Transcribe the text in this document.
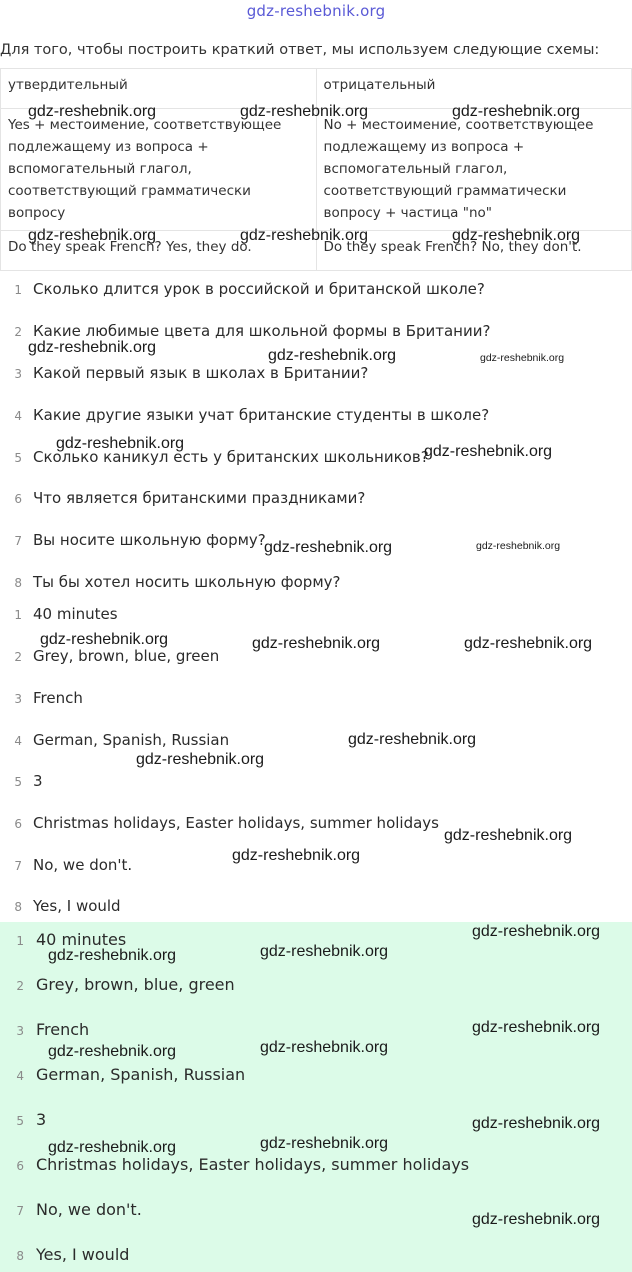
gdz-reshebnik.org
Для того, чтобы построить краткий ответ, мы используем следующие схемы:
утвердительный	отрицательный
Yes + местоимение, соответствующее подлежащему из вопроса + вспомогательный глагол, соответствующий грамматически вопросу	No + местоимение, соответствующее подлежащему из вопроса + вспомогательный глагол, соответствующий грамматически вопросу + частица "no"
Do they speak French? Yes, they do.	Do they speak French? No, they don't.
1 Сколько длится урок в российской и британской школе?
2 Какие любимые цвета для школьной формы в Британии?
3 Какой первый язык в школах в Британии?
4 Какие другие языки учат британские студенты в школе?
5 Сколько каникул есть у британских школьников?
6 Что является британскими праздниками?
7 Вы носите школьную форму?
8 Ты бы хотел носить школьную форму?
1 40 minutes
2 Grey, brown, blue, green
3 French
4 German, Spanish, Russian
5 3
6 Christmas holidays, Easter holidays, summer holidays
7 No, we don't.
8 Yes, I would
1 40 minutes
2 Grey, brown, blue, green
3 French
4 German, Spanish, Russian
5 3
6 Christmas holidays, Easter holidays, summer holidays
7 No, we don't.
8 Yes, I would
gdz-reshebnik.org	gdz-reshebnik.org	gdz-reshebnik.org
gdz-reshebnik.org	gdz-reshebnik.org	gdz-reshebnik.org
gdz-reshebnik.org	gdz-reshebnik.org	gdz-reshebnik.org
gdz-reshebnik.org	gdz-reshebnik.org
gdz-reshebnik.org	gdz-reshebnik.org
gdz-reshebnik.org	gdz-reshebnik.org	gdz-reshebnik.org
gdz-reshebnik.org
gdz-reshebnik.org
gdz-reshebnik.org
gdz-reshebnik.org
gdz-reshebnik.org
gdz-reshebnik.org	gdz-reshebnik.org
gdz-reshebnik.org
gdz-reshebnik.org	gdz-reshebnik.org
gdz-reshebnik.org
gdz-reshebnik.org	gdz-reshebnik.org
gdz-reshebnik.org
